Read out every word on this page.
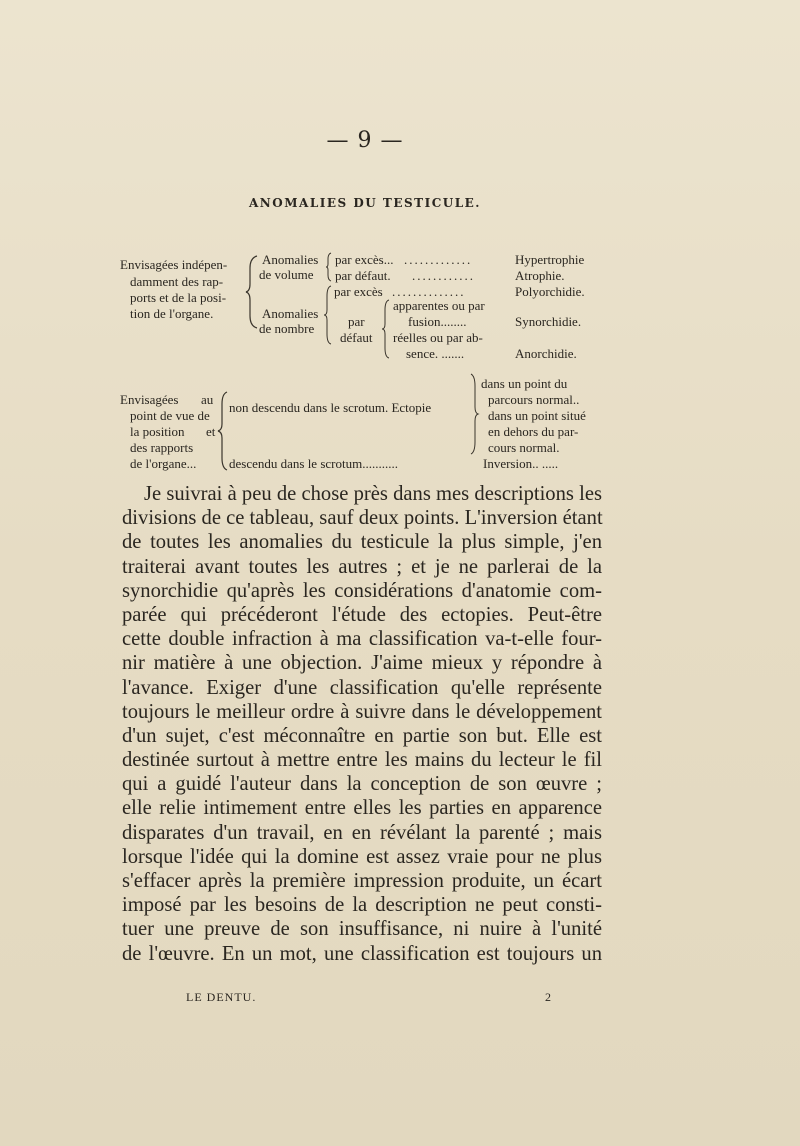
— 9 —
ANOMALIES DU TESTICULE.
Envisagées indépen-
damment des rap-
ports et de la posi-
tion de l'organe.
Anomalies
de volume
par excès... .............
par défaut. ............
Anomalies
de nombre
par excès ..............
par
défaut
apparentes ou par
fusion........
réelles ou par ab-
sence. .......
Hypertrophie
Atrophie.
Polyorchidie.
Synorchidie.
Anorchidie.
Envisagées au
point de vue de
la position et
des rapports
de l'organe...
non descendu dans le scrotum. Ectopie
descendu dans le scrotum...........
dans un point du
parcours normal..
dans un point situé
en dehors du par-
cours normal.
Inversion.. .....
Je suivrai à peu de chose près dans mes descriptions les
divisions de ce tableau, sauf deux points. L'inversion étant
de toutes les anomalies du testicule la plus simple, j'en
traiterai avant toutes les autres ; et je ne parlerai de la
synorchidie qu'après les considérations d'anatomie com-
parée qui précéderont l'étude des ectopies. Peut-être
cette double infraction à ma classification va-t-elle four-
nir matière à une objection. J'aime mieux y répondre à
l'avance. Exiger d'une classification qu'elle représente
toujours le meilleur ordre à suivre dans le développement
d'un sujet, c'est méconnaître en partie son but. Elle est
destinée surtout à mettre entre les mains du lecteur le fil
qui a guidé l'auteur dans la conception de son œuvre ;
elle relie intimement entre elles les parties en apparence
disparates d'un travail, en en révélant la parenté ; mais
lorsque l'idée qui la domine est assez vraie pour ne plus
s'effacer après la première impression produite, un écart
imposé par les besoins de la description ne peut consti-
tuer une preuve de son insuffisance, ni nuire à l'unité
de l'œuvre. En un mot, une classification est toujours un
LE DENTU.	2
